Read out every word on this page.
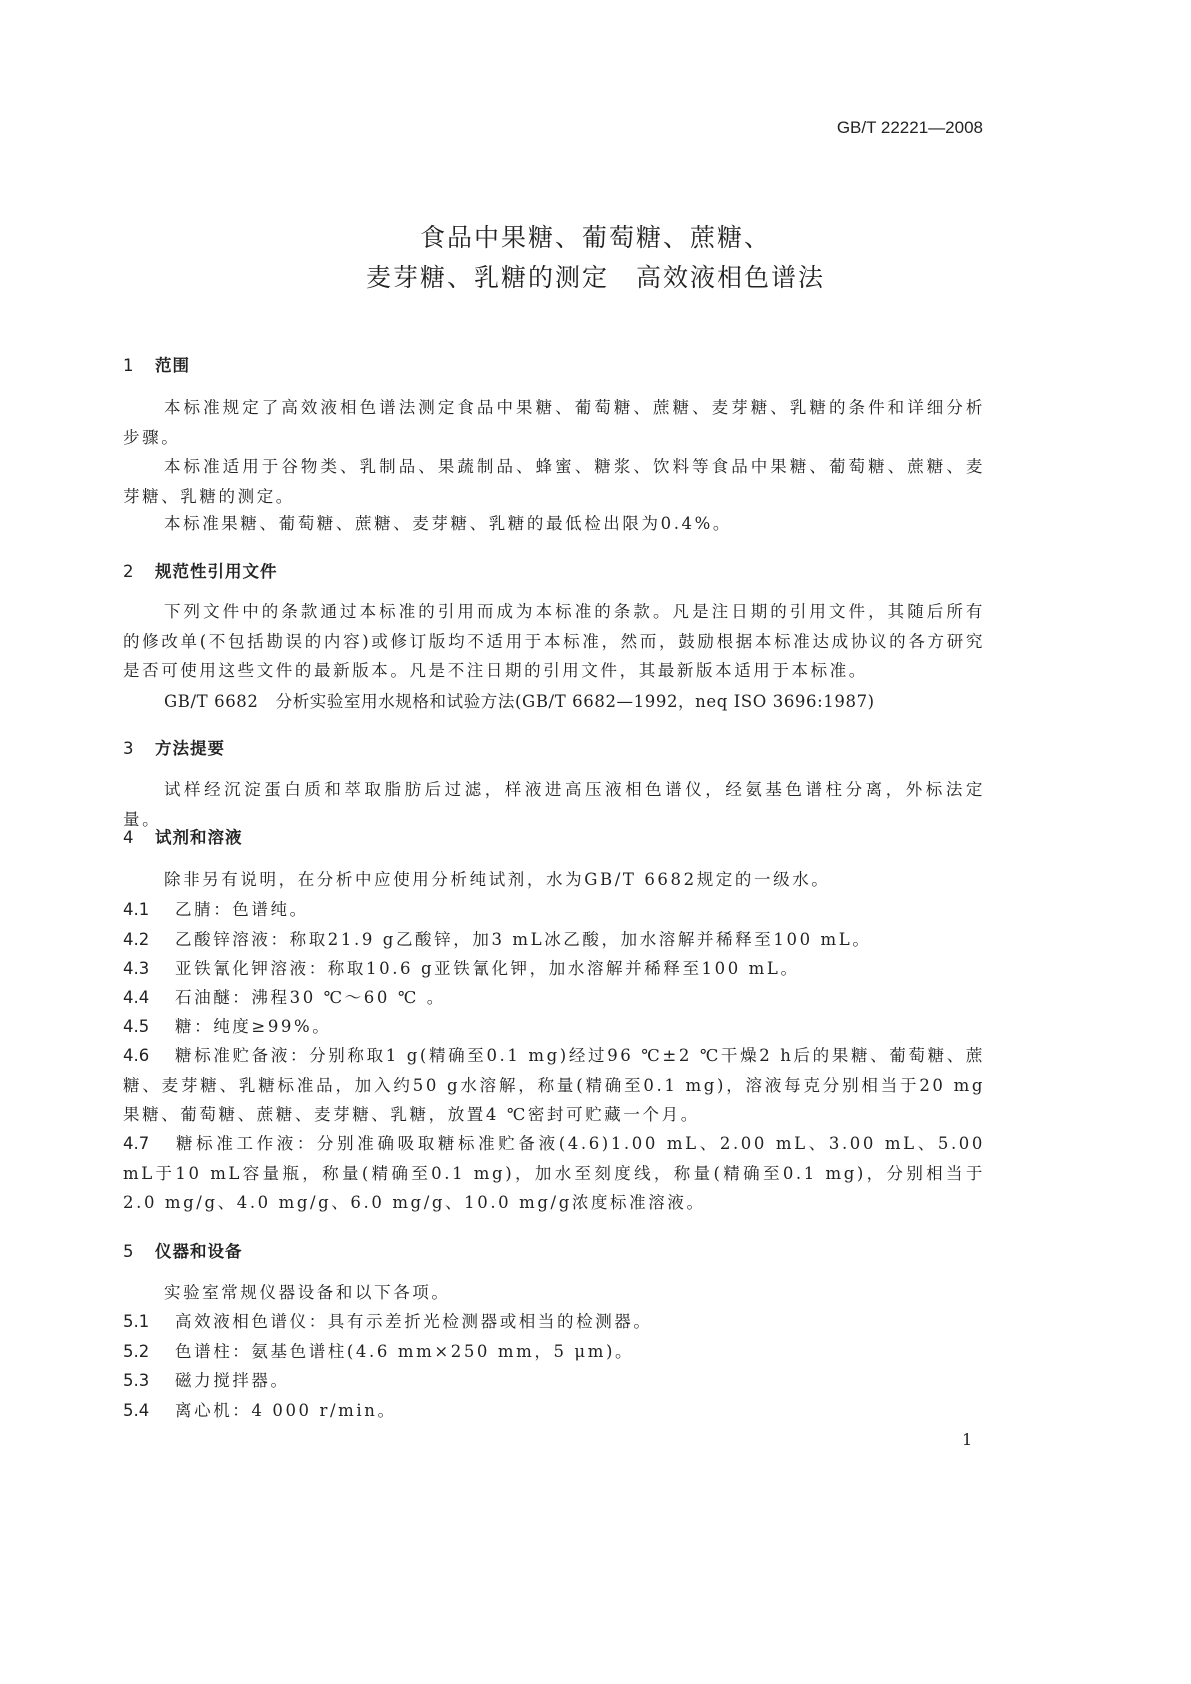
GB/T 22221—2008
食品中果糖、葡萄糖、蔗糖、
麦芽糖、乳糖的测定　高效液相色谱法
1 范围
本标准规定了高效液相色谱法测定食品中果糖、葡萄糖、蔗糖、麦芽糖、乳糖的条件和详细分析步骤。
本标准适用于谷物类、乳制品、果蔬制品、蜂蜜、糖浆、饮料等食品中果糖、葡萄糖、蔗糖、麦芽糖、乳糖的测定。
本标准果糖、葡萄糖、蔗糖、麦芽糖、乳糖的最低检出限为0.4%。
2 规范性引用文件
下列文件中的条款通过本标准的引用而成为本标准的条款。凡是注日期的引用文件，其随后所有的修改单(不包括勘误的内容)或修订版均不适用于本标准，然而，鼓励根据本标准达成协议的各方研究是否可使用这些文件的最新版本。凡是不注日期的引用文件，其最新版本适用于本标准。
GB/T 6682　分析实验室用水规格和试验方法(GB/T 6682—1992，neq ISO 3696:1987)
3 方法提要
试样经沉淀蛋白质和萃取脂肪后过滤，样液进高压液相色谱仪，经氨基色谱柱分离，外标法定量。
4 试剂和溶液
除非另有说明，在分析中应使用分析纯试剂，水为GB/T 6682规定的一级水。
4.1 乙腈：色谱纯。
4.2 乙酸锌溶液：称取21.9 g乙酸锌，加3 mL冰乙酸，加水溶解并稀释至100 mL。
4.3 亚铁氰化钾溶液：称取10.6 g亚铁氰化钾，加水溶解并稀释至100 mL。
4.4 石油醚：沸程30 ℃～60 ℃ 。
4.5 糖：纯度≥99%。
4.6 糖标准贮备液：分别称取1 g(精确至0.1 mg)经过96 ℃±2 ℃干燥2 h后的果糖、葡萄糖、蔗糖、麦芽糖、乳糖标准品，加入约50 g水溶解，称量(精确至0.1 mg)，溶液每克分别相当于20 mg果糖、葡萄糖、蔗糖、麦芽糖、乳糖，放置4 ℃密封可贮藏一个月。
4.7 糖标准工作液：分别准确吸取糖标准贮备液(4.6)1.00 mL、2.00 mL、3.00 mL、5.00 mL于10 mL容量瓶，称量(精确至0.1 mg)，加水至刻度线，称量(精确至0.1 mg)，分别相当于2.0 mg/g、4.0 mg/g、6.0 mg/g、10.0 mg/g浓度标准溶液。
5 仪器和设备
实验室常规仪器设备和以下各项。
5.1 高效液相色谱仪：具有示差折光检测器或相当的检测器。
5.2 色谱柱：氨基色谱柱(4.6 mm×250 mm，5 μm)。
5.3 磁力搅拌器。
5.4 离心机：4 000 r/min。
1
